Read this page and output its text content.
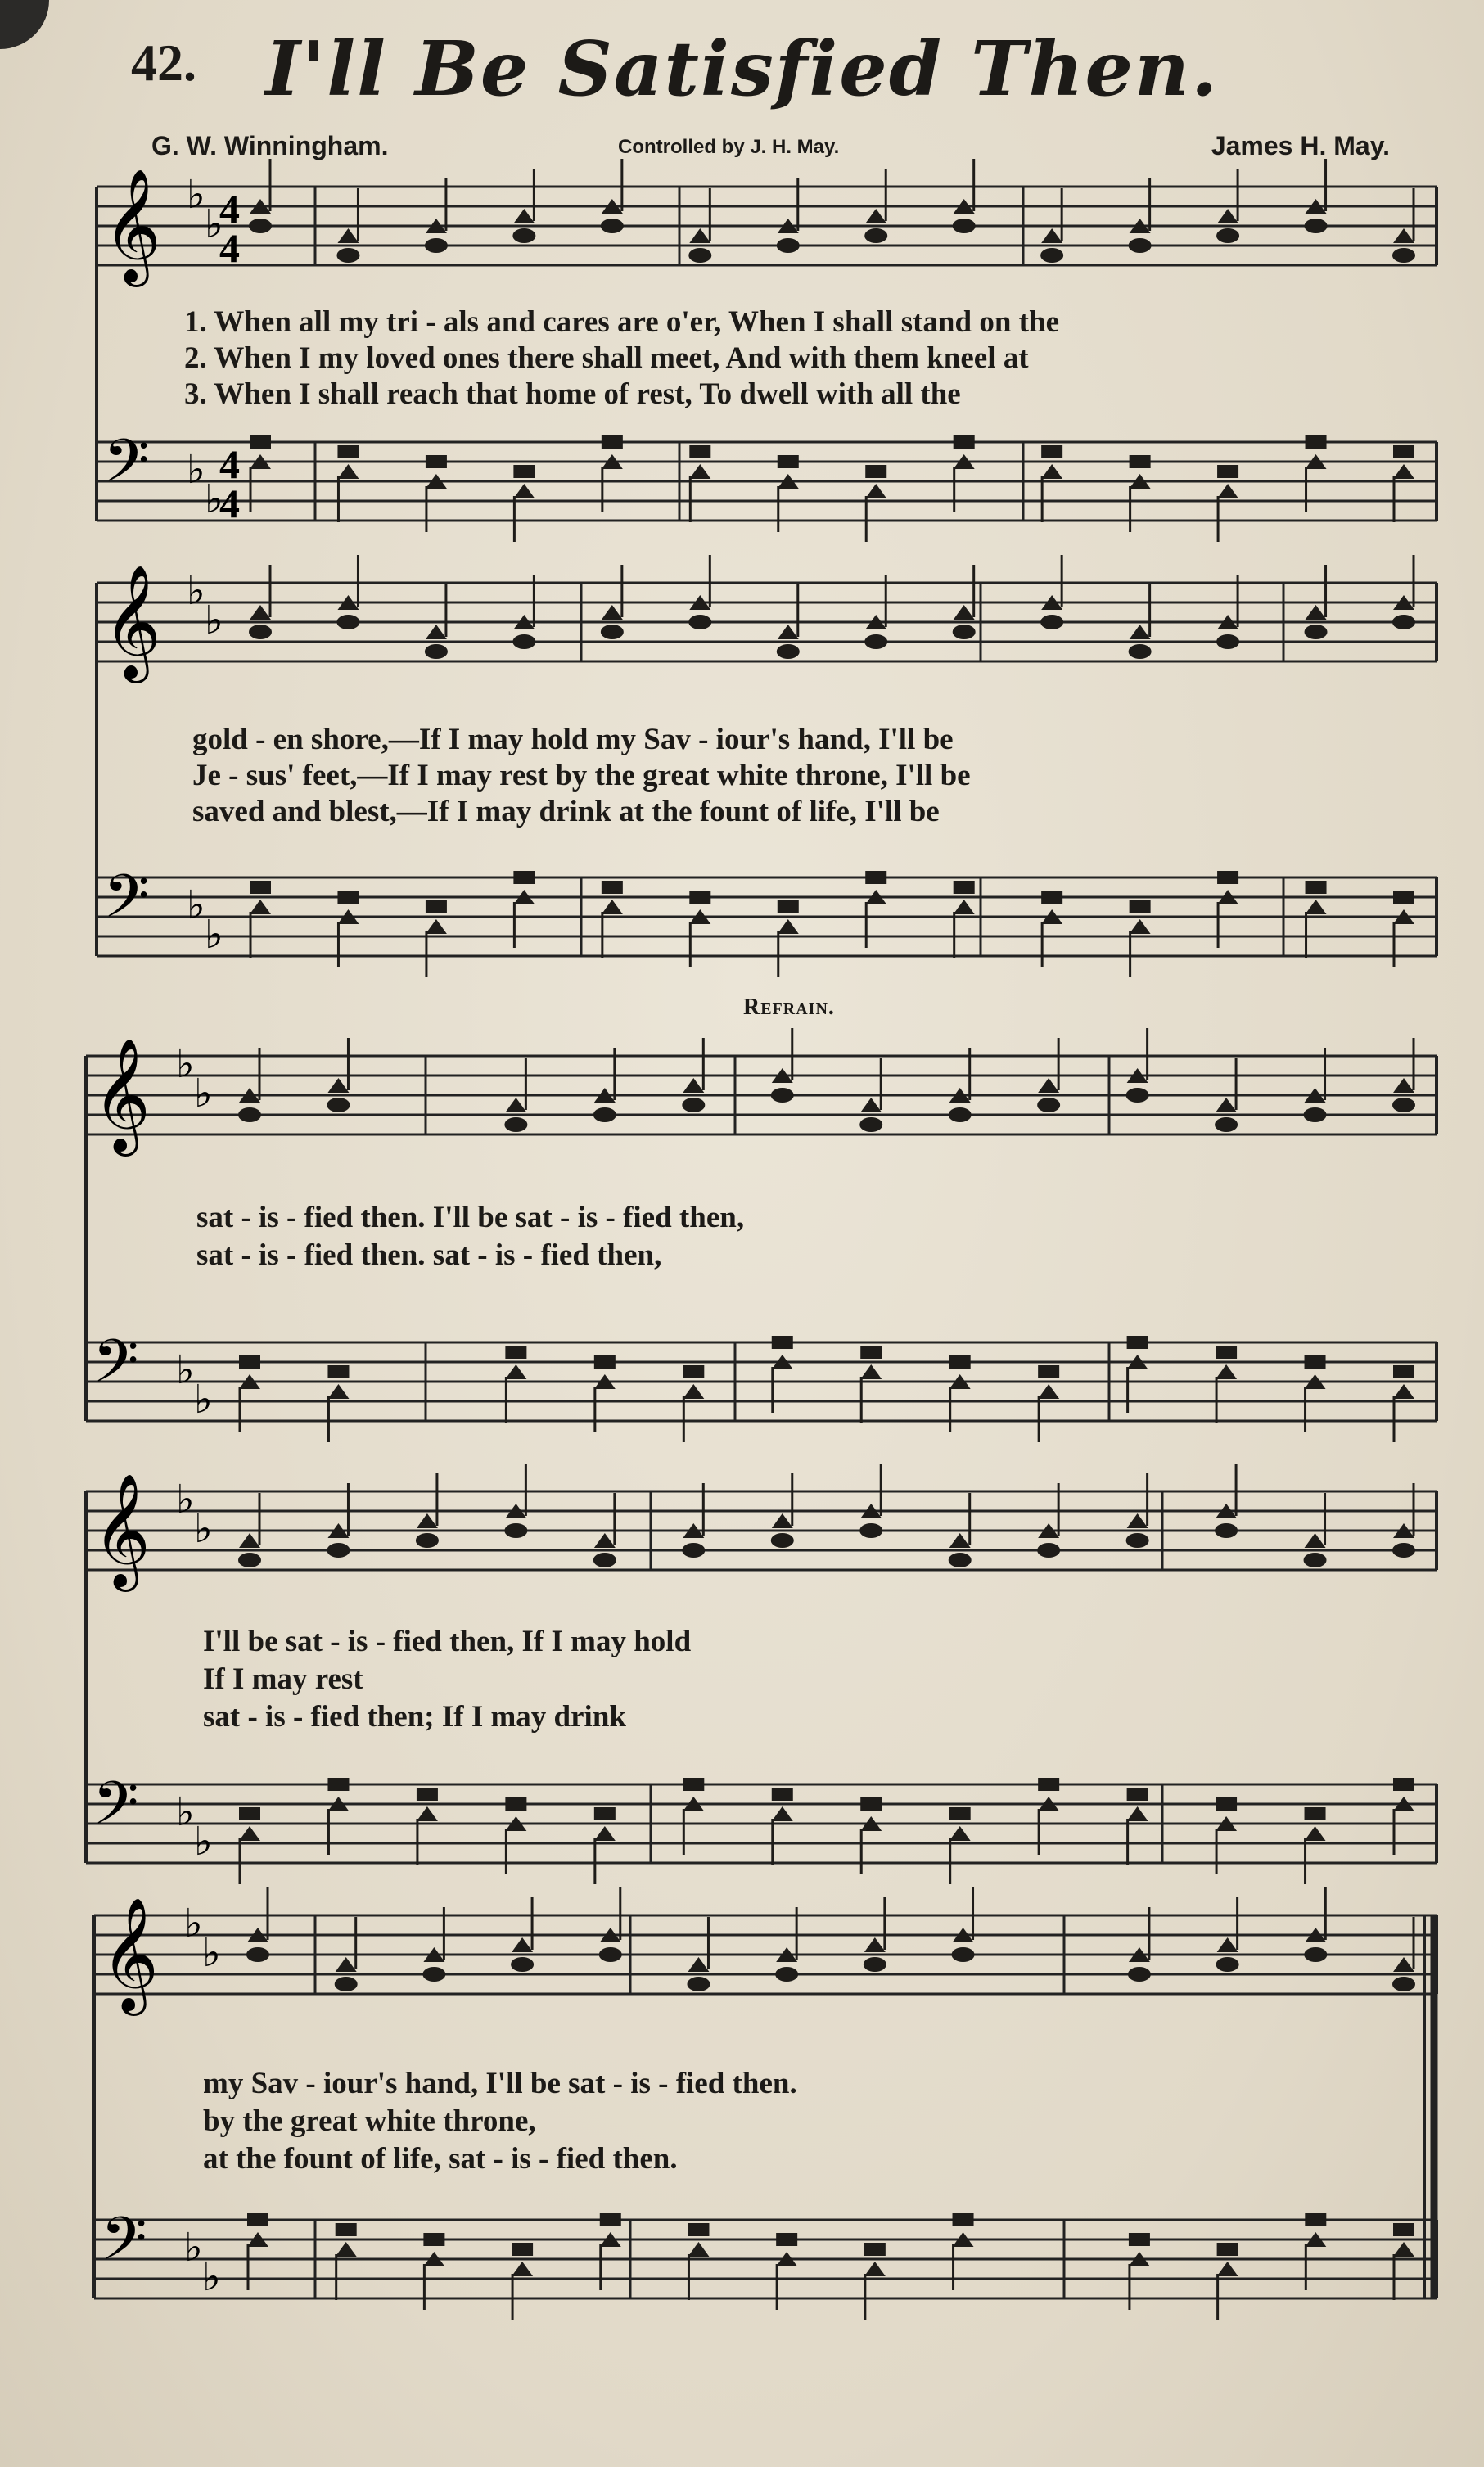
42. I'll Be Satisfied Then.
G. W. Winningham.	Controlled by J. H. May.	James H. May.
𝄞
𝄢
♭
♭
♭
♭
4
4
4
4
𝄞
𝄢
♭
♭
♭
♭
𝄞
𝄢
♭
♭
♭
♭
𝄞
𝄢
♭
♭
♭
♭
𝄞
𝄢
♭
♭
♭
♭
Refrain.
1. When all my tri - als and cares are o'er, When I shall stand on the
2. When I my loved ones there shall meet, And with them kneel at
3. When I shall reach that home of rest, To dwell with all the
gold - en shore,—If I may hold my Sav - iour's hand, I'll be
Je - sus' feet,—If I may rest by the great white throne, I'll be
saved and blest,—If I may drink at the fount of life, I'll be
sat - is - fied then. I'll be sat - is - fied then,
sat - is - fied then. sat - is - fied then,
I'll be sat - is - fied then, If I may hold
If I may rest
sat - is - fied then; If I may drink
my Sav - iour's hand, I'll be sat - is - fied then.
by the great white throne,
at the fount of life, sat - is - fied then.
